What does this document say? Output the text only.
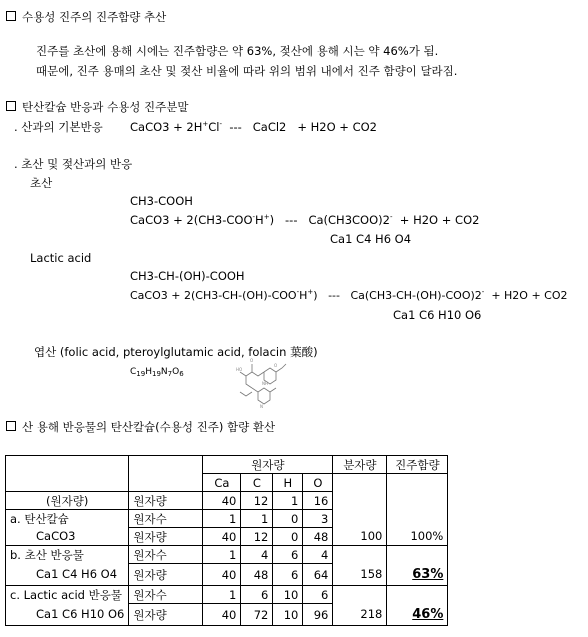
수용성 진주의 진주함량 추산
진주를 초산에 용해 시에는 진주함량은 약 63%, 젖산에 용해 시는 약 46%가 됨.
때문에, 진주 용매의 초산 및 젖산 비율에 따라 위의 범위 내에서 진주 함량이 달라짐.
탄산칼슘 반응과 수용성 진주분말
. 산과의 기본반응 CaCO3 + 2H+Cl-  ---   CaCl2   + H2O + CO2
. 초산 및 젖산과의 반응
초산
CH3-COOH
CaCO3 + 2(CH3-COO-H+)   ---   Ca(CH3COO)2-  + H2O + CO2
Ca1 C4 H6 O4
Lactic acid
CH3-CH-(OH)-COOH
CaCO3 + 2(CH3-CH-(OH)-COO-H+)   ---   Ca(CH3-CH-(OH)-COO)2-  + H2O + CO2
Ca1 C6 H10 O6
엽산 (folic acid, pteroylglutamic acid, folacin 葉酸)
$C_{19}H_{19}N_7O_6$
HO
O
NH
O
N
산 용해 반응물의 탄산칼슘(수용성 진주) 함량 환산
		원자량				분자량	진주함량
		Ca	C	H	O		
(원자량)	원자량	40	12	1	16		
a. 탄산칼슘	원자수	1	1	0	3		
CaCO3	원자량	40	12	0	48	100	100%
b. 초산 반응물	원자수	1	4	6	4		
Ca1 C4 H6 O4	원자량	40	48	6	64	158	63%
c. Lactic acid 반응물	원자수	1	6	10	6		
Ca1 C6 H10 O6	원자량	40	72	10	96	218	46%
